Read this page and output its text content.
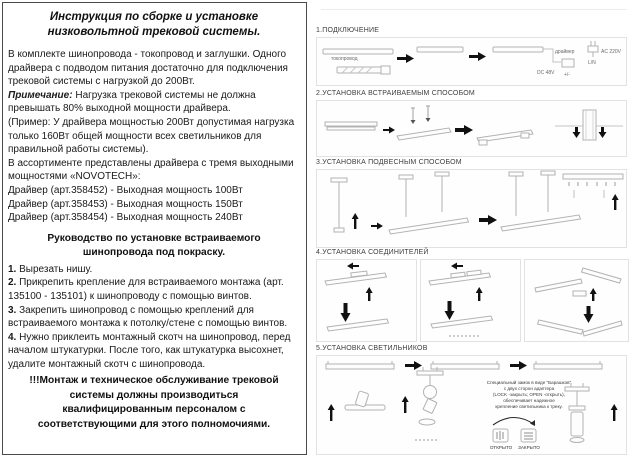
Инструкция по сборке и установке низковольтной трековой системы.
В комплекте шинопровода - токопровод и заглушки. Одного драйвера с подводом питания достаточно для подключения трековой системы с нагрузкой до 200Вт.
Примечание: Нагрузка трековой системы не должна превышать 80% выходной мощности драйвера.
(Пример: У драйвера мощностью 200Вт допустимая нагрузка только 160Вт общей мощности всех светильников для правильной работы системы).
В ассортименте представлены драйвера с тремя выходными мощностями «NOVOTECH»:
Драйвер (арт.358452) - Выходная мощность 100Вт
Драйвер (арт.358453) - Выходная мощность 150Вт
Драйвер (арт.358454) - Выходная мощность 240Вт
Руководство по установке встраиваемого шинопровода под покраску.
1. Вырезать нишу.
2. Прикрепить крепление для встраиваемого монтажа (арт. 135100 - 135101) к шинопроводу с помощью винтов.
3. Закрепить шинопровод с помощью креплений для встраиваемого монтажа к потолку/стене с помощью винтов.
4. Нужно приклеить монтажный скотч на шинопровод, перед началом штукатурки. После того, как штукатурка высохнет, удалите монтажный скотч с шинопровода.
!!!Монтаж и техническое обслуживание трековой системы должны производиться квалифицированным персоналом с соответствующими для этого полномочиями.
1.ПОДКЛЮЧЕНИЕ
токопровод
драйвер	AC 220V
L/N
DC 48V +/-
2.УСТАНОВКА ВСТРАИВАЕМЫМ СПОСОБОМ
3.УСТАНОВКА ПОДВЕСНЫМ СПОСОБОМ
4.УСТАНОВКА СОЕДИНИТЕЛЕЙ
5.УСТАНОВКА СВЕТИЛЬНИКОВ
Специальный замок в виде "Барашков"
с двух сторон адаптера
(LOCK -закрыть; OPEN -открыть),
обеспечивает надежное
крепление светильника к треку.
ОТКРЫТО	ЗАКРЫТО
